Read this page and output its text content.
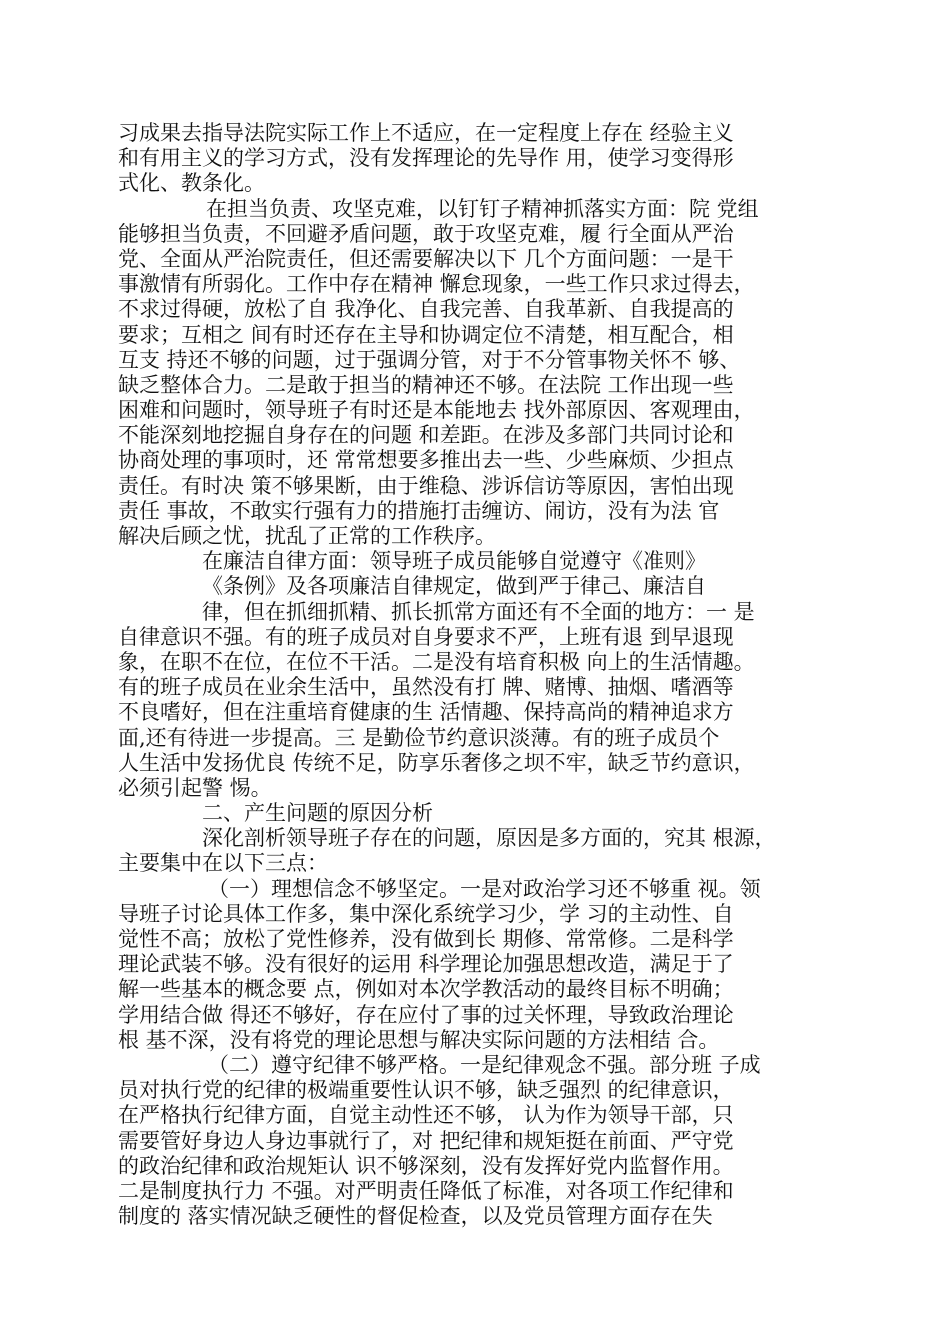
习成果去指导法院实际工作上不适应，在一定程度上存在 经验主义
和有用主义的学习方式，没有发挥理论的先导作 用，使学习变得形
式化、教条化。
在担当负责、攻坚克难，以钉钉子精神抓落实方面：院 党组
能够担当负责，不回避矛盾问题，敢于攻坚克难，履 行全面从严治
党、全面从严治院责任，但还需要解决以下 几个方面问题：一是干
事激情有所弱化。工作中存在精神 懈怠现象，一些工作只求过得去，
不求过得硬，放松了自 我净化、自我完善、自我革新、自我提高的
要求；互相之 间有时还存在主导和协调定位不清楚，相互配合，相
互支 持还不够的问题，过于强调分管，对于不分管事物关怀不 够、
缺乏整体合力。二是敢于担当的精神还不够。在法院 工作出现一些
困难和问题时，领导班子有时还是本能地去 找外部原因、客观理由，
不能深刻地挖掘自身存在的问题 和差距。在涉及多部门共同讨论和
协商处理的事项时，还 常常想要多推出去一些、少些麻烦、少担点
责任。有时决 策不够果断，由于维稳、涉诉信访等原因，害怕出现
责任 事故，不敢实行强有力的措施打击缠访、闹访，没有为法 官
解决后顾之忧，扰乱了正常的工作秩序。
在廉洁自律方面：领导班子成员能够自觉遵守《准则》
《条例》及各项廉洁自律规定，做到严于律己、廉洁自
律，但在抓细抓精、抓长抓常方面还有不全面的地方：一 是
自律意识不强。有的班子成员对自身要求不严，上班有退 到早退现
象，在职不在位，在位不干活。二是没有培育积极 向上的生活情趣。
有的班子成员在业余生活中，虽然没有打 牌、赌博、抽烟、嗜酒等
不良嗜好，但在注重培育健康的生 活情趣、保持高尚的精神追求方
面,还有待进一步提高。三 是勤俭节约意识淡薄。有的班子成员个
人生活中发扬优良 传统不足，防享乐奢侈之坝不牢，缺乏节约意识，
必须引起警 惕。
二、产生问题的原因分析
深化剖析领导班子存在的问题，原因是多方面的，究其 根源，
主要集中在以下三点：
（一）理想信念不够坚定。一是对政治学习还不够重 视。领
导班子讨论具体工作多，集中深化系统学习少，学 习的主动性、自
觉性不高；放松了党性修养，没有做到长 期修、常常修。二是科学
理论武装不够。没有很好的运用 科学理论加强思想改造，满足于了
解一些基本的概念要 点，例如对本次学教活动的最终目标不明确；
学用结合做 得还不够好，存在应付了事的过关怀理，导致政治理论
根 基不深，没有将党的理论思想与解决实际问题的方法相结 合。
（二）遵守纪律不够严格。一是纪律观念不强。部分班 子成
员对执行党的纪律的极端重要性认识不够，缺乏强烈 的纪律意识，
在严格执行纪律方面，自觉主动性还不够， 认为作为领导干部，只
需要管好身边人身边事就行了，对 把纪律和规矩挺在前面、严守党
的政治纪律和政治规矩认 识不够深刻，没有发挥好党内监督作用。
二是制度执行力 不强。对严明责任降低了标准，对各项工作纪律和
制度的 落实情况缺乏硬性的督促检查，以及党员管理方面存在失
